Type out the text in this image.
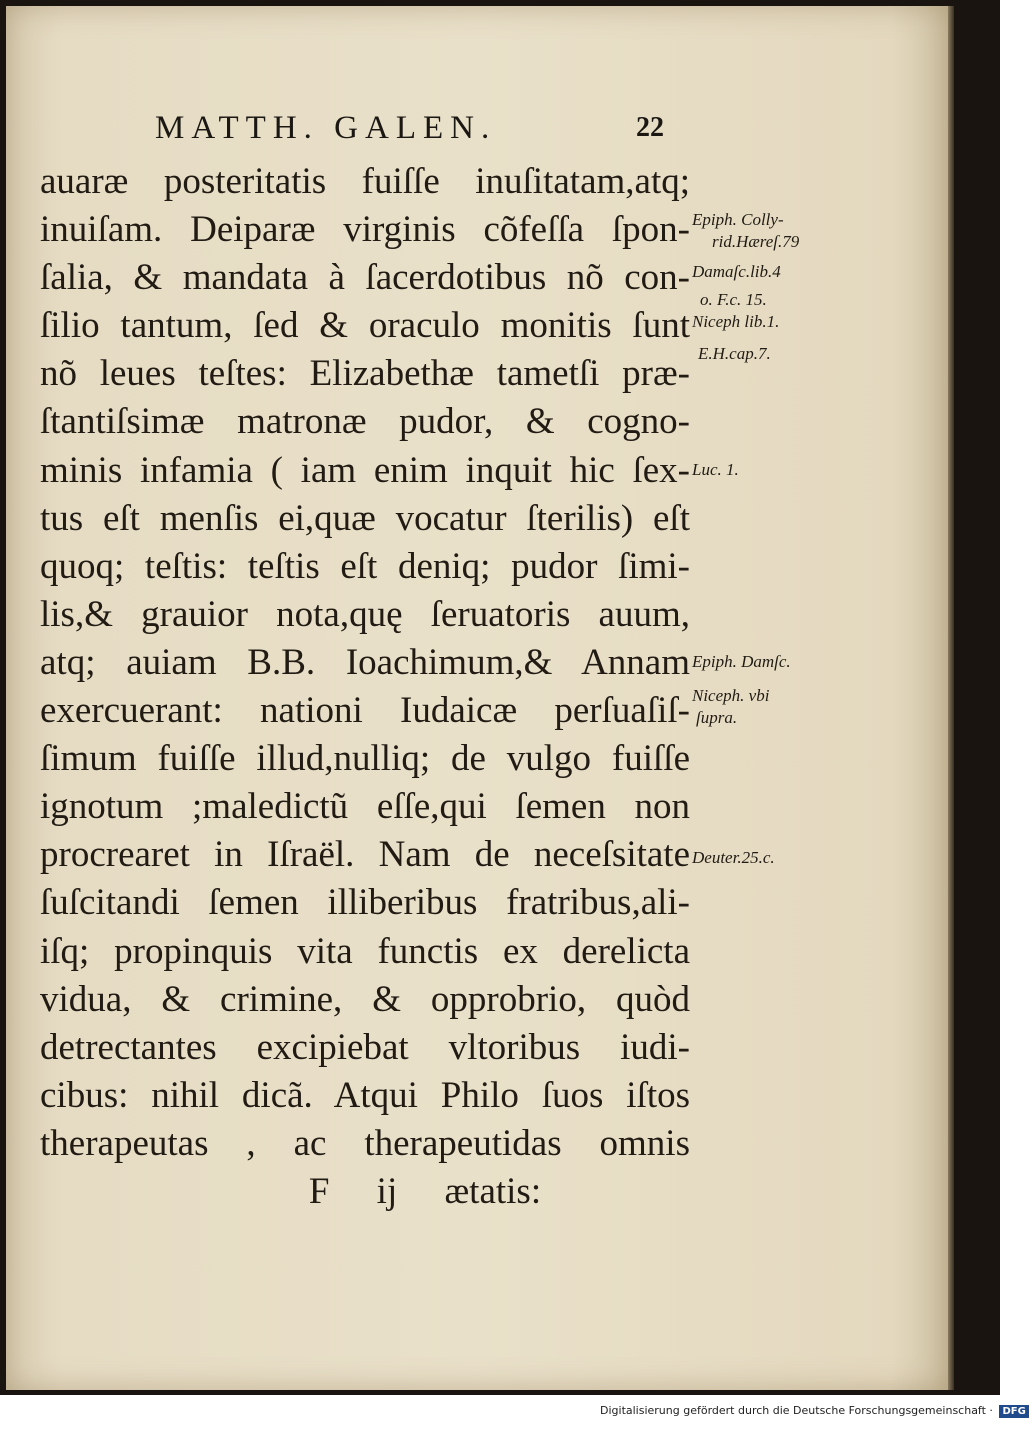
MATTH. GALEN.	22
auaræ posteritatis fuiſſe inuſitatam,atq;
inuiſam. Deiparæ virginis cõfeſſa ſpon-
ſalia, & mandata à ſacerdotibus nõ con-
ſilio tantum, ſed & oraculo monitis ſunt
nõ leues teſtes: Elizabethæ tametſi præ-
ſtantiſsimæ matronæ pudor, & cogno-
minis infamia ( iam enim inquit hic ſex-
tus eſt menſis ei,quæ vocatur ſterilis) eſt
quoq; teſtis: teſtis eſt deniq; pudor ſimi-
lis,& grauior nota,quę ſeruatoris auum,
atq; auiam B.B. Ioachimum,& Annam
exercuerant: nationi Iudaicæ perſuaſiſ-
ſimum fuiſſe illud,nulliq; de vulgo fuiſſe
ignotum ;maledictũ eſſe,qui ſemen non
procrearet in Iſraël. Nam de neceſsitate
ſuſcitandi ſemen illiberibus fratribus,ali-
iſq; propinquis vita functis ex derelicta
vidua, & crimine, & opprobrio, quòd
detrectantes excipiebat vltoribus iudi-
cibus: nihil dicã. Atqui Philo ſuos iſtos
therapeutas , ac therapeutidas omnis
F ij ætatis:
Epiph. Colly-
rid.Hæreſ.79
Damaſc.lib.4
o. F.c. 15.
Niceph lib.1.
E.H.cap.7.
Luc. 1.
Epiph. Damſc.
Niceph. vbi
ſupra.
Deuter.25.c.
Digitalisierung gefördert durch die Deutsche Forschungsgemeinschaft · DFG
